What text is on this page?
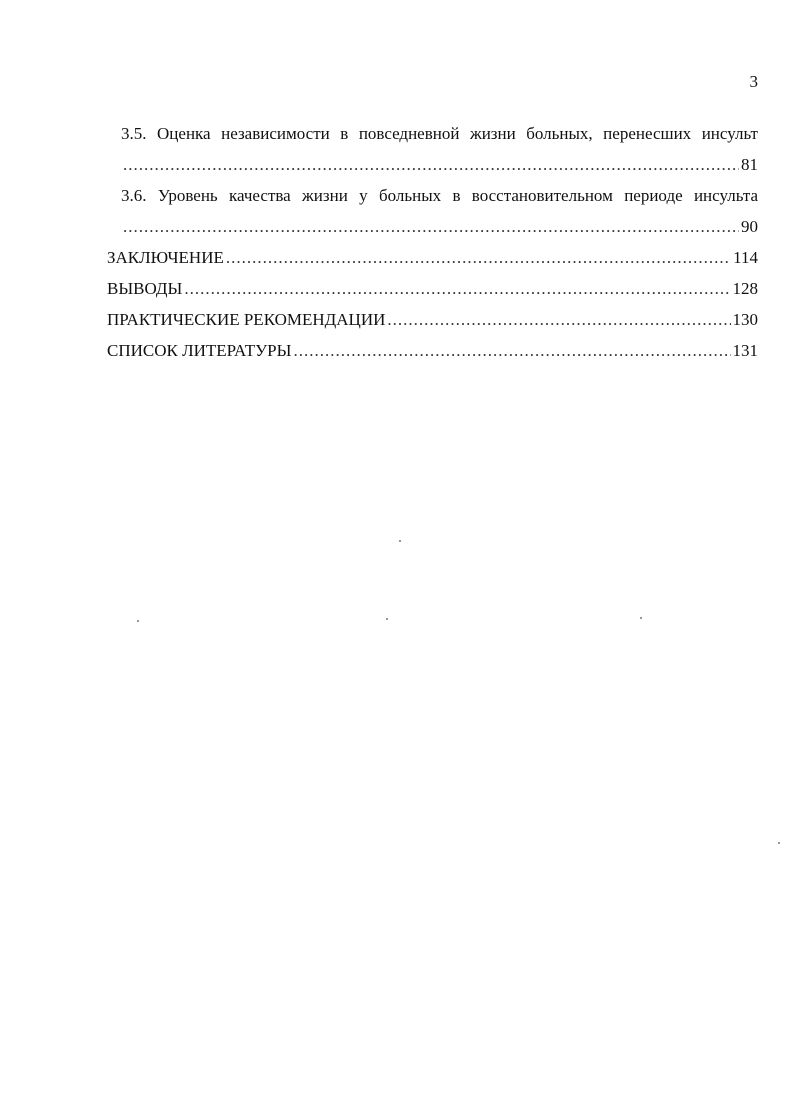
3
3.5. Оценка независимости в повседневной жизни больных, перенесших инсульт
.....
81
3.6. Уровень качества жизни у больных в восстановительном периоде инсульта
.....
90
ЗАКЛЮЧЕНИЕ .....	114
ВЫВОДЫ .....	128
ПРАКТИЧЕСКИЕ РЕКОМЕНДАЦИИ .....	130
СПИСОК ЛИТЕРАТУРЫ .....	131
